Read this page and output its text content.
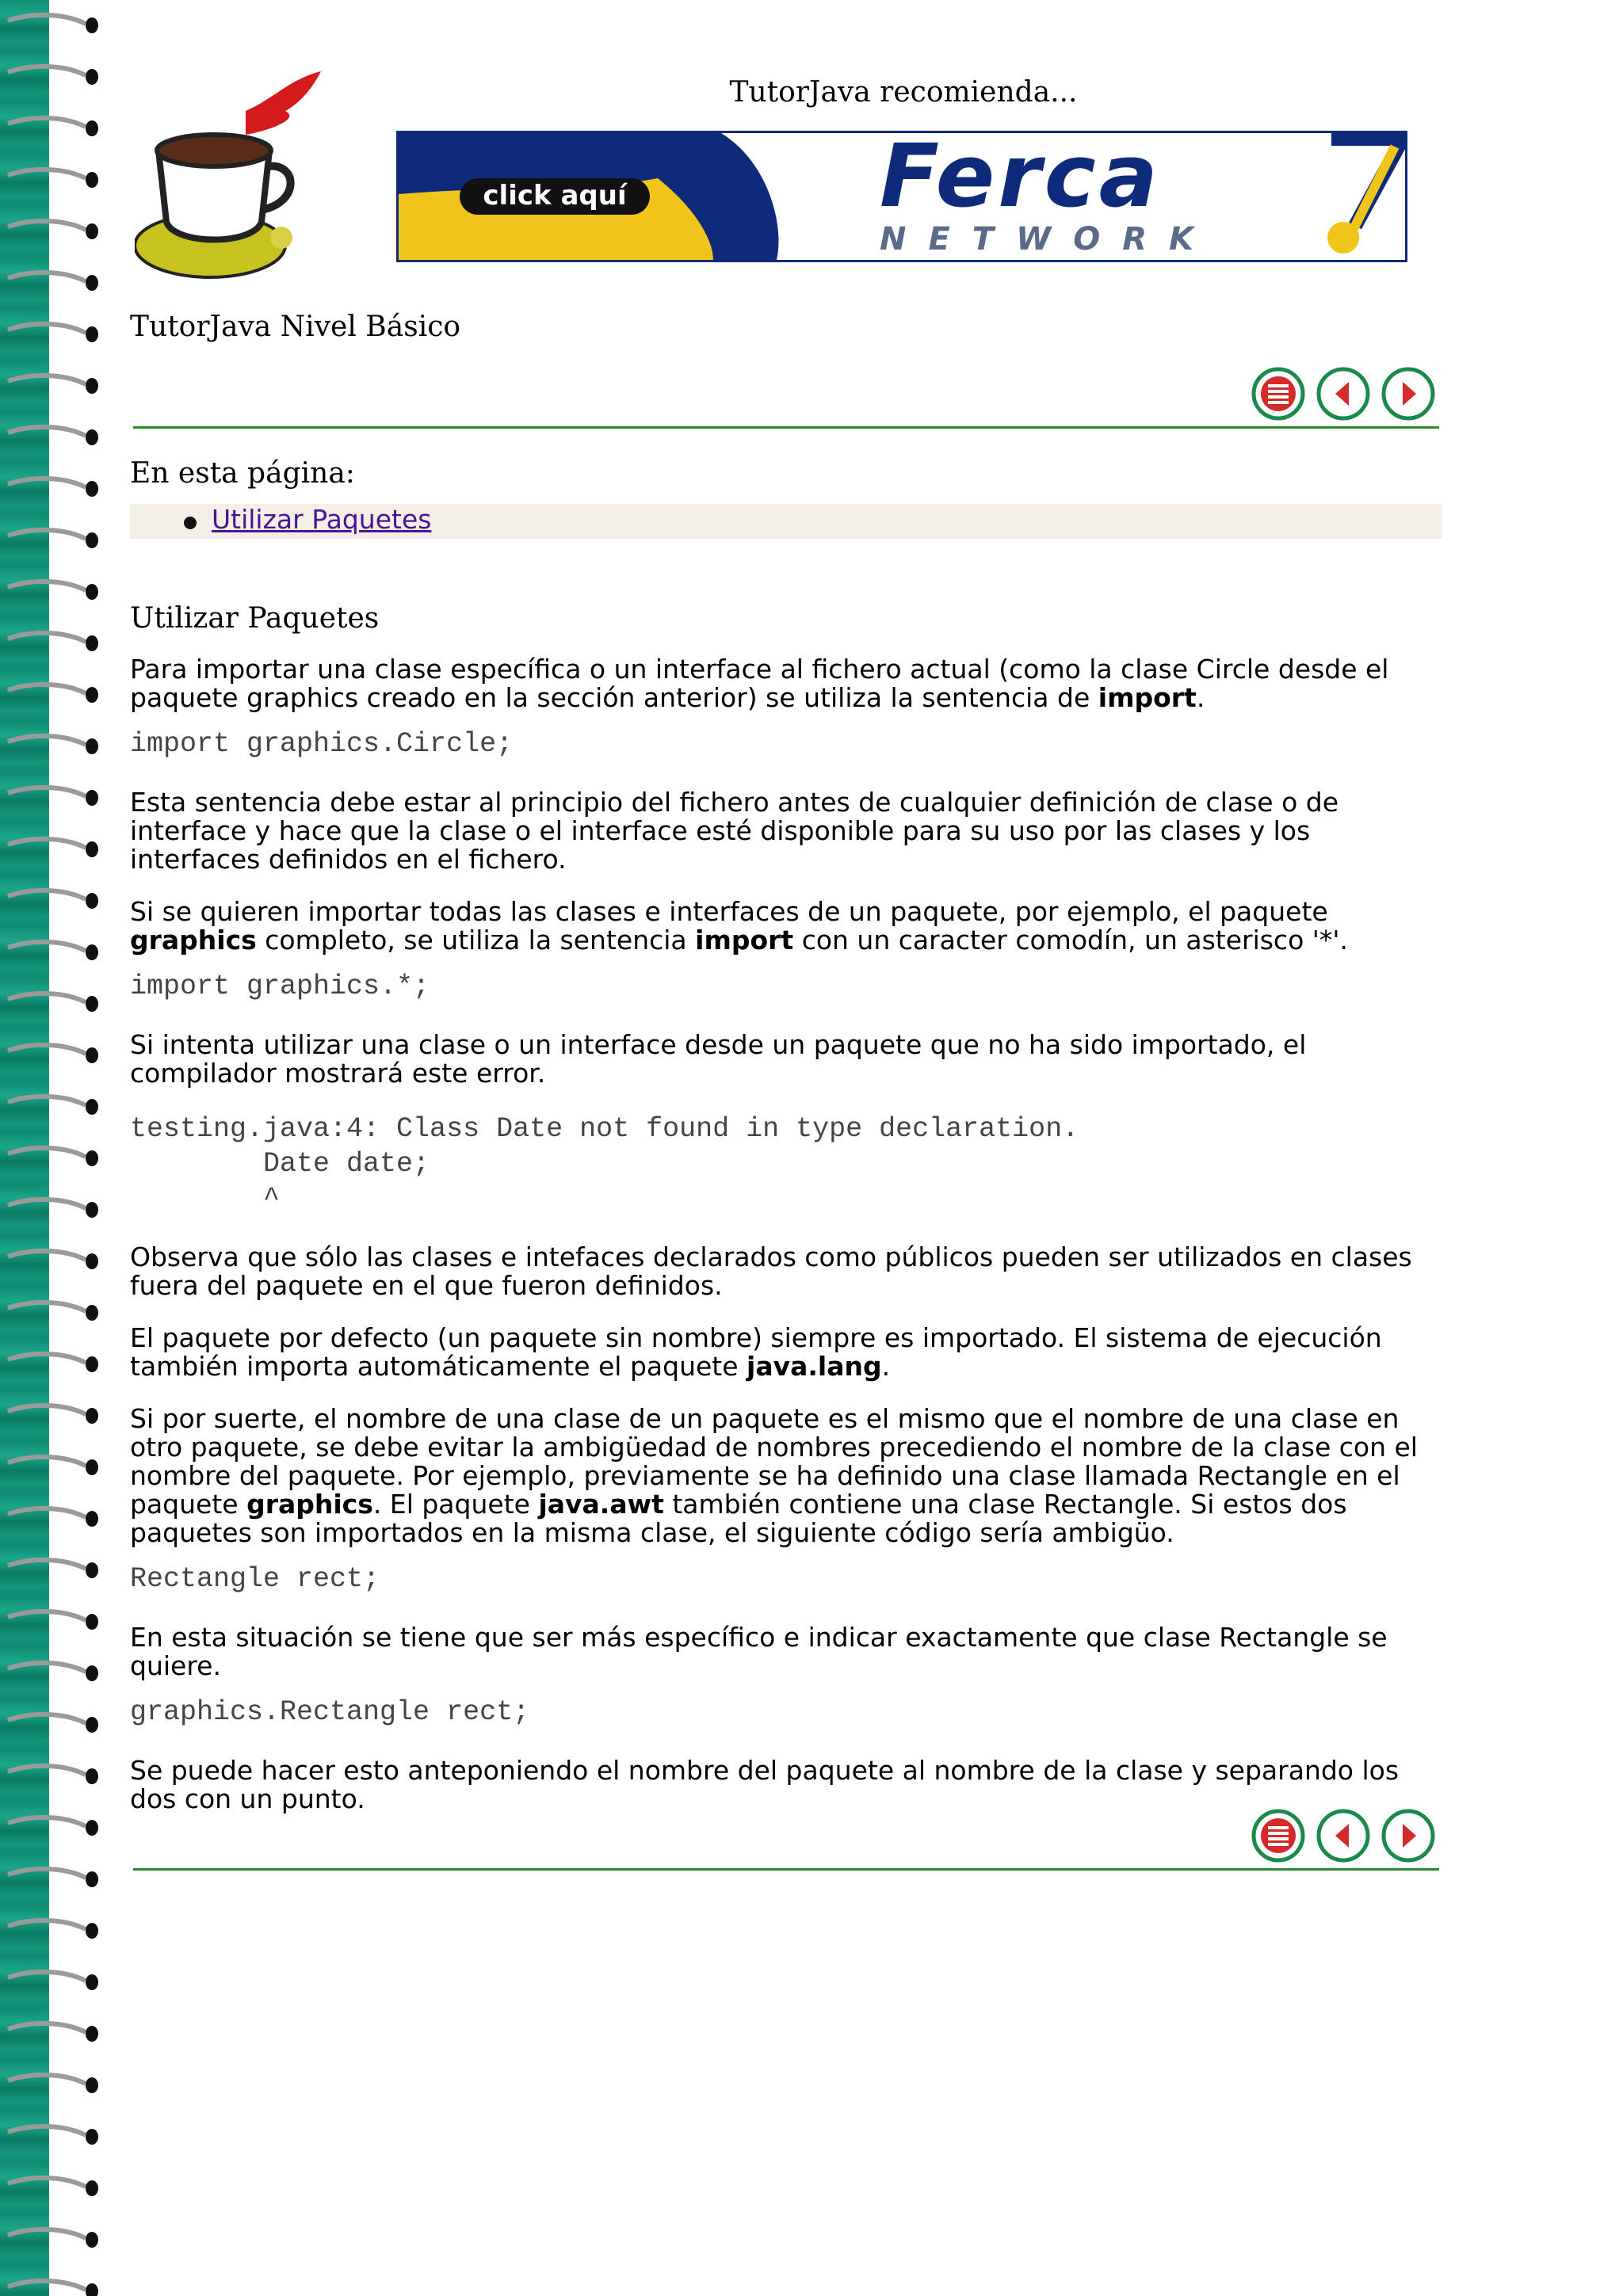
TutorJava recomienda...
click aquí	Ferca
NETWORK
TutorJava Nivel Básico
En esta página:
Utilizar Paquetes
Utilizar Paquetes

Para importar una clase específica o un interface al fichero actual (como la clase Circle desde el paquete graphics creado en la sección anterior) se utiliza la sentencia de import.

import graphics.Circle;

Esta sentencia debe estar al principio del fichero antes de cualquier definición de clase o de interface y hace que la clase o el interface esté disponible para su uso por las clases y los interfaces definidos en el fichero.

Si se quieren importar todas las clases e interfaces de un paquete, por ejemplo, el paquete graphics completo, se utiliza la sentencia import con un caracter comodín, un asterisco '*'.

import graphics.*;

Si intenta utilizar una clase o un interface desde un paquete que no ha sido importado, el compilador mostrará este error.

testing.java:4: Class Date not found in type declaration.
Date date;
^

Observa que sólo las clases e intefaces declarados como públicos pueden ser utilizados en clases fuera del paquete en el que fueron definidos.

El paquete por defecto (un paquete sin nombre) siempre es importado. El sistema de ejecución también importa automáticamente el paquete java.lang.

Si por suerte, el nombre de una clase de un paquete es el mismo que el nombre de una clase en otro paquete, se debe evitar la ambigüedad de nombres precediendo el nombre de la clase con el nombre del paquete. Por ejemplo, previamente se ha definido una clase llamada Rectangle en el paquete graphics. El paquete java.awt también contiene una clase Rectangle. Si estos dos paquetes son importados en la misma clase, el siguiente código sería ambigüo.

Rectangle rect;

En esta situación se tiene que ser más específico e indicar exactamente que clase Rectangle se quiere.

graphics.Rectangle rect;

Se puede hacer esto anteponiendo el nombre del paquete al nombre de la clase y separando los dos con un punto.
